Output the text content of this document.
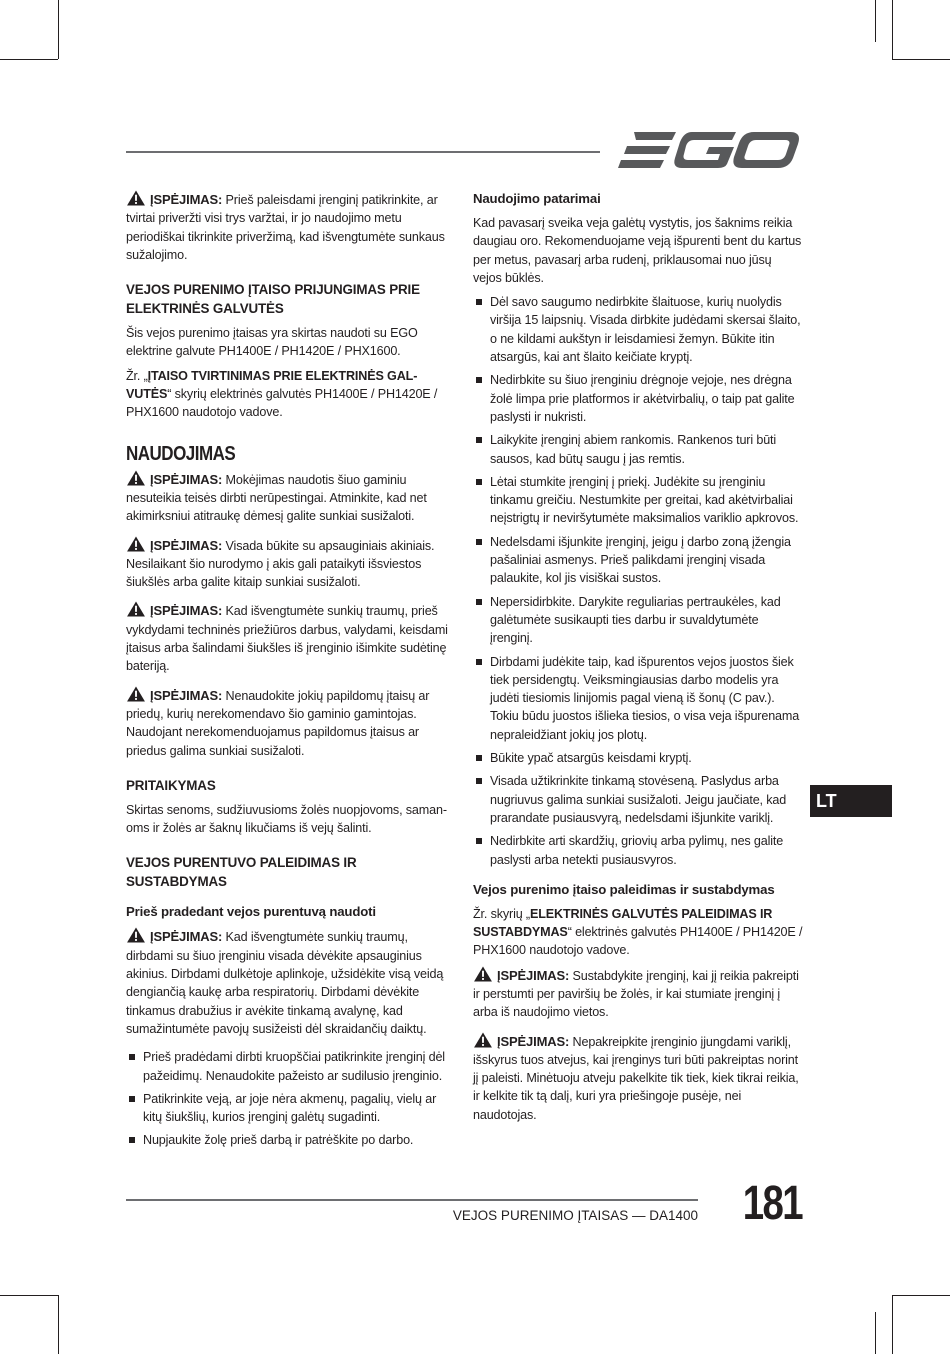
ĮSPĖJIMAS: Prieš paleisdami įrenginį patikrinkite, ar tvirtai priveržti visi trys varžtai, ir jo naudojimo metu periodiškai tikrinkite priveržimą, kad išvengtumėte sunkaus sužalojimo.

VEJOS PURENIMO ĮTAISO PRIJUNGIMAS PRIE ELEKTRINĖS GALVUTĖS

Šis vejos purenimo įtaisas yra skirtas naudoti su EGO elektrine galvute PH1400E / PH1420E / PHX1600.

Žr. „ĮTAISO TVIRTINIMAS PRIE ELEKTRINĖS GALVUTĖS“ skyrių elektrinės galvutės PH1400E / PH1420E / PHX1600 naudotojo vadove.

NAUDOJIMAS

ĮSPĖJIMAS: Mokėjimas naudotis šiuo gaminiu nesuteikia teisės dirbti nerūpestingai. Atminkite, kad net akimirksniui atitraukę dėmesį galite sunkiai susižaloti.

ĮSPĖJIMAS: Visada būkite su apsauginiais akiniais. Nesilaikant šio nurodymo į akis gali pataikyti išsviestos šiukšlės arba galite kitaip sunkiai susižaloti.

ĮSPĖJIMAS: Kad išvengtumėte sunkių traumų, prieš vykdydami techninės priežiūros darbus, valydami, keisdami įtaisus arba šalindami šiukšles iš įrenginio išimkite sudėtinę bateriją.

ĮSPĖJIMAS: Nenaudokite jokių papildomų įtaisų ar priedų, kurių nerekomendavo šio gaminio gamintojas. Naudojant nerekomenduojamus papildomus įtaisus ar priedus galima sunkiai susižaloti.

PRITAIKYMAS

Skirtas senoms, sudžiuvusioms žolės nuopjovoms, samanoms ir žolės ar šaknų likučiams iš vejų šalinti.

VEJOS PURENTUVO PALEIDIMAS IR SUSTABDYMAS
Prieš pradedant vejos purentuvą naudoti

ĮSPĖJIMAS: Kad išvengtumėte sunkių traumų, dirbdami su šiuo įrenginiu visada dėvėkite apsauginius akinius. Dirbdami dulkėtoje aplinkoje, užsidėkite visą veidą dengiančią kaukę arba respiratorių. Dirbdami dėvėkite tinkamus drabužius ir avėkite tinkamą avalynę, kad sumažintumėte pavojų susižeisti dėl skraidančių daiktų.

Prieš pradėdami dirbti kruopščiai patikrinkite įrenginį dėl pažeidimų. Nenaudokite pažeisto ar sudilusio įrenginio.
Patikrinkite veją, ar joje nėra akmenų, pagalių, vielų ar kitų šiukšlių, kurios įrenginį galėtų sugadinti.
Nupjaukite žolę prieš darbą ir patrėškite po darbo.
Naudojimo patarimai

Kad pavasarį sveika veja galėtų vystytis, jos šaknims reikia daugiau oro. Rekomenduojame veją išpurenti bent du kartus per metus, pavasarį arba rudenį, priklausomai nuo jūsų vejos būklės.

Dėl savo saugumo nedirbkite šlaituose, kurių nuolydis viršija 15 laipsnių. Visada dirbkite judėdami skersai šlaito, o ne kildami aukštyn ir leisdamiesi žemyn. Būkite itin atsargūs, kai ant šlaito keičiate kryptį.
Nedirbkite su šiuo įrenginiu drėgnoje vejoje, nes drėgna žolė limpa prie platformos ir akėtvirbalių, o taip pat galite paslysti ir nukristi.
Laikykite įrenginį abiem rankomis. Rankenos turi būti sausos, kad būtų saugu į jas remtis.
Lėtai stumkite įrenginį į priekį. Judėkite su įrenginiu tinkamu greičiu. Nestumkite per greitai, kad akėtvirbaliai neįstrigtų ir neviršytumėte maksimalios variklio apkrovos.
Nedelsdami išjunkite įrenginį, jeigu į darbo zoną įžengia pašaliniai asmenys. Prieš palikdami įrenginį visada palaukite, kol jis visiškai sustos.
Nepersidirbkite. Darykite reguliarias pertraukėles, kad galėtumėte susikaupti ties darbu ir suvaldytumėte įrenginį.
Dirbdami judėkite taip, kad išpurentos vejos juostos šiek tiek persidengtų. Veiksmingiausias darbo modelis yra judėti tiesiomis linijomis pagal vieną iš šonų (C pav.). Tokiu būdu juostos išlieka tiesios, o visa veja išpurenama nepraleidžiant jokių jos plotų.
Būkite ypač atsargūs keisdami kryptį.
Visada užtikrinkite tinkamą stovėseną. Paslydus arba nugriuvus galima sunkiai susižaloti. Jeigu jaučiate, kad prarandate pusiausvyrą, nedelsdami išjunkite variklį.
Nedirbkite arti skardžių, griovių arba pylimų, nes galite paslysti arba netekti pusiausvyros.
Vejos purenimo įtaiso paleidimas ir sustabdymas

Žr. skyrių „ELEKTRINĖS GALVUTĖS PALEIDIMAS IR SUSTABDYMAS“ elektrinės galvutės PH1400E / PH1420E / PHX1600 naudotojo vadove.

ĮSPĖJIMAS: Sustabdykite įrenginį, kai jį reikia pakreipti ir perstumti per paviršių be žolės, ir kai stumiate įrenginį į arba iš naudojimo vietos.

ĮSPĖJIMAS: Nepakreipkite įrenginio įjungdami variklį, išskyrus tuos atvejus, kai įrenginys turi būti pakreiptas norint jį paleisti. Minėtuoju atveju pakelkite tik tiek, kiek tikrai reikia, ir kelkite tik tą dalį, kuri yra priešingoje pusėje, nei naudotojas.

LT
VEJOS PURENIMO ĮTAISAS — DA1400 181
